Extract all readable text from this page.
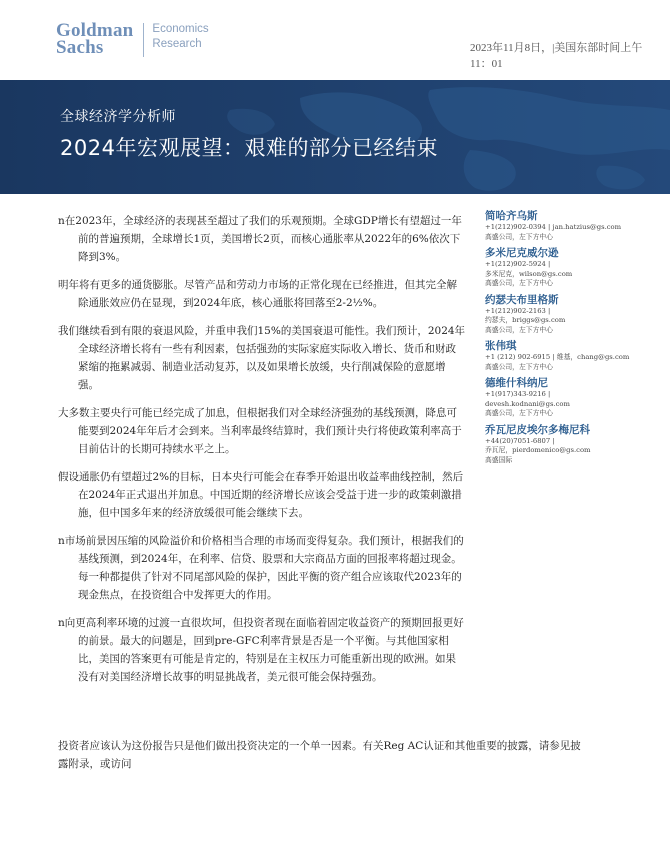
Goldman
Sachs
Economics
Research	2023年11月8日，|美国东部时间上午11：01
全球经济学分析师
2024年宏观展望：艰难的部分已经结束

n在2023年，全球经济的表现甚至超过了我们的乐观预期。全球GDP增长有望超过一年前的普遍预期，全球增长1页，美国增长2页，而核心通胀率从2022年的6%依次下降到3%。

明年将有更多的通货膨胀。尽管产品和劳动力市场的正常化现在已经推进，但其完全解除通胀效应仍在显现，到2024年底，核心通胀将回落至2-2½%。

我们继续看到有限的衰退风险，并重申我们15%的美国衰退可能性。我们预计，2024年全球经济增长将有一些有利因素，包括强劲的实际家庭实际收入增长、货币和财政紧缩的拖累减弱、制造业活动复苏，以及如果增长放缓，央行削减保险的意愿增强。

大多数主要央行可能已经完成了加息，但根据我们对全球经济强劲的基线预测，降息可能要到2024年年后才会到来。当利率最终结算时，我们预计央行将使政策利率高于目前估计的长期可持续水平之上。

假设通胀仍有望超过2%的目标，日本央行可能会在春季开始退出收益率曲线控制，然后在2024年正式退出并加息。中国近期的经济增长应该会受益于进一步的政策刺激措施，但中国多年来的经济放缓很可能会继续下去。

n市场前景因压缩的风险溢价和价格相当合理的市场而变得复杂。我们预计，根据我们的基线预测，到2024年，在利率、信贷、股票和大宗商品方面的回报率将超过现金。每一种都提供了针对不同尾部风险的保护，因此平衡的资产组合应该取代2023年的现金焦点，在投资组合中发挥更大的作用。

n向更高利率环境的过渡一直很坎坷，但投资者现在面临着固定收益资产的预期回报更好的前景。最大的问题是，回到pre-GFC利率背景是否是一个平衡。与其他国家相比，美国的答案更有可能是肯定的，特别是在主权压力可能重新出现的欧洲。如果没有对美国经济增长故事的明显挑战者，美元很可能会保持强劲。

简哈齐乌斯
+1(212)902-0394 | jan.hatzius@gs.com
高盛公司，左下方中心
多米尼克威尔逊
+1(212)902-5924 |
多米尼克，wilson@gs.com
高盛公司，左下方中心
约瑟夫布里格斯
+1(212)902-2163 |
约瑟夫，briggs@gs.com
高盛公司，左下方中心
张伟琪
+1 (212) 902-6915 | 维基，chang@gs.com
高盛公司，左下方中心
德维什科纳尼
+1(917)343-9216 |
devesh.kodnani@gs.com
高盛公司，左下方中心
乔瓦尼皮埃尔多梅尼科
+44(20)7051-6807 |
乔瓦尼，pierdomenico@gs.com
高盛国际
投资者应该认为这份报告只是他们做出投资决定的一个单一因素。有关Reg AC认证和其他重要的披露，请参见披露附录，或访问
